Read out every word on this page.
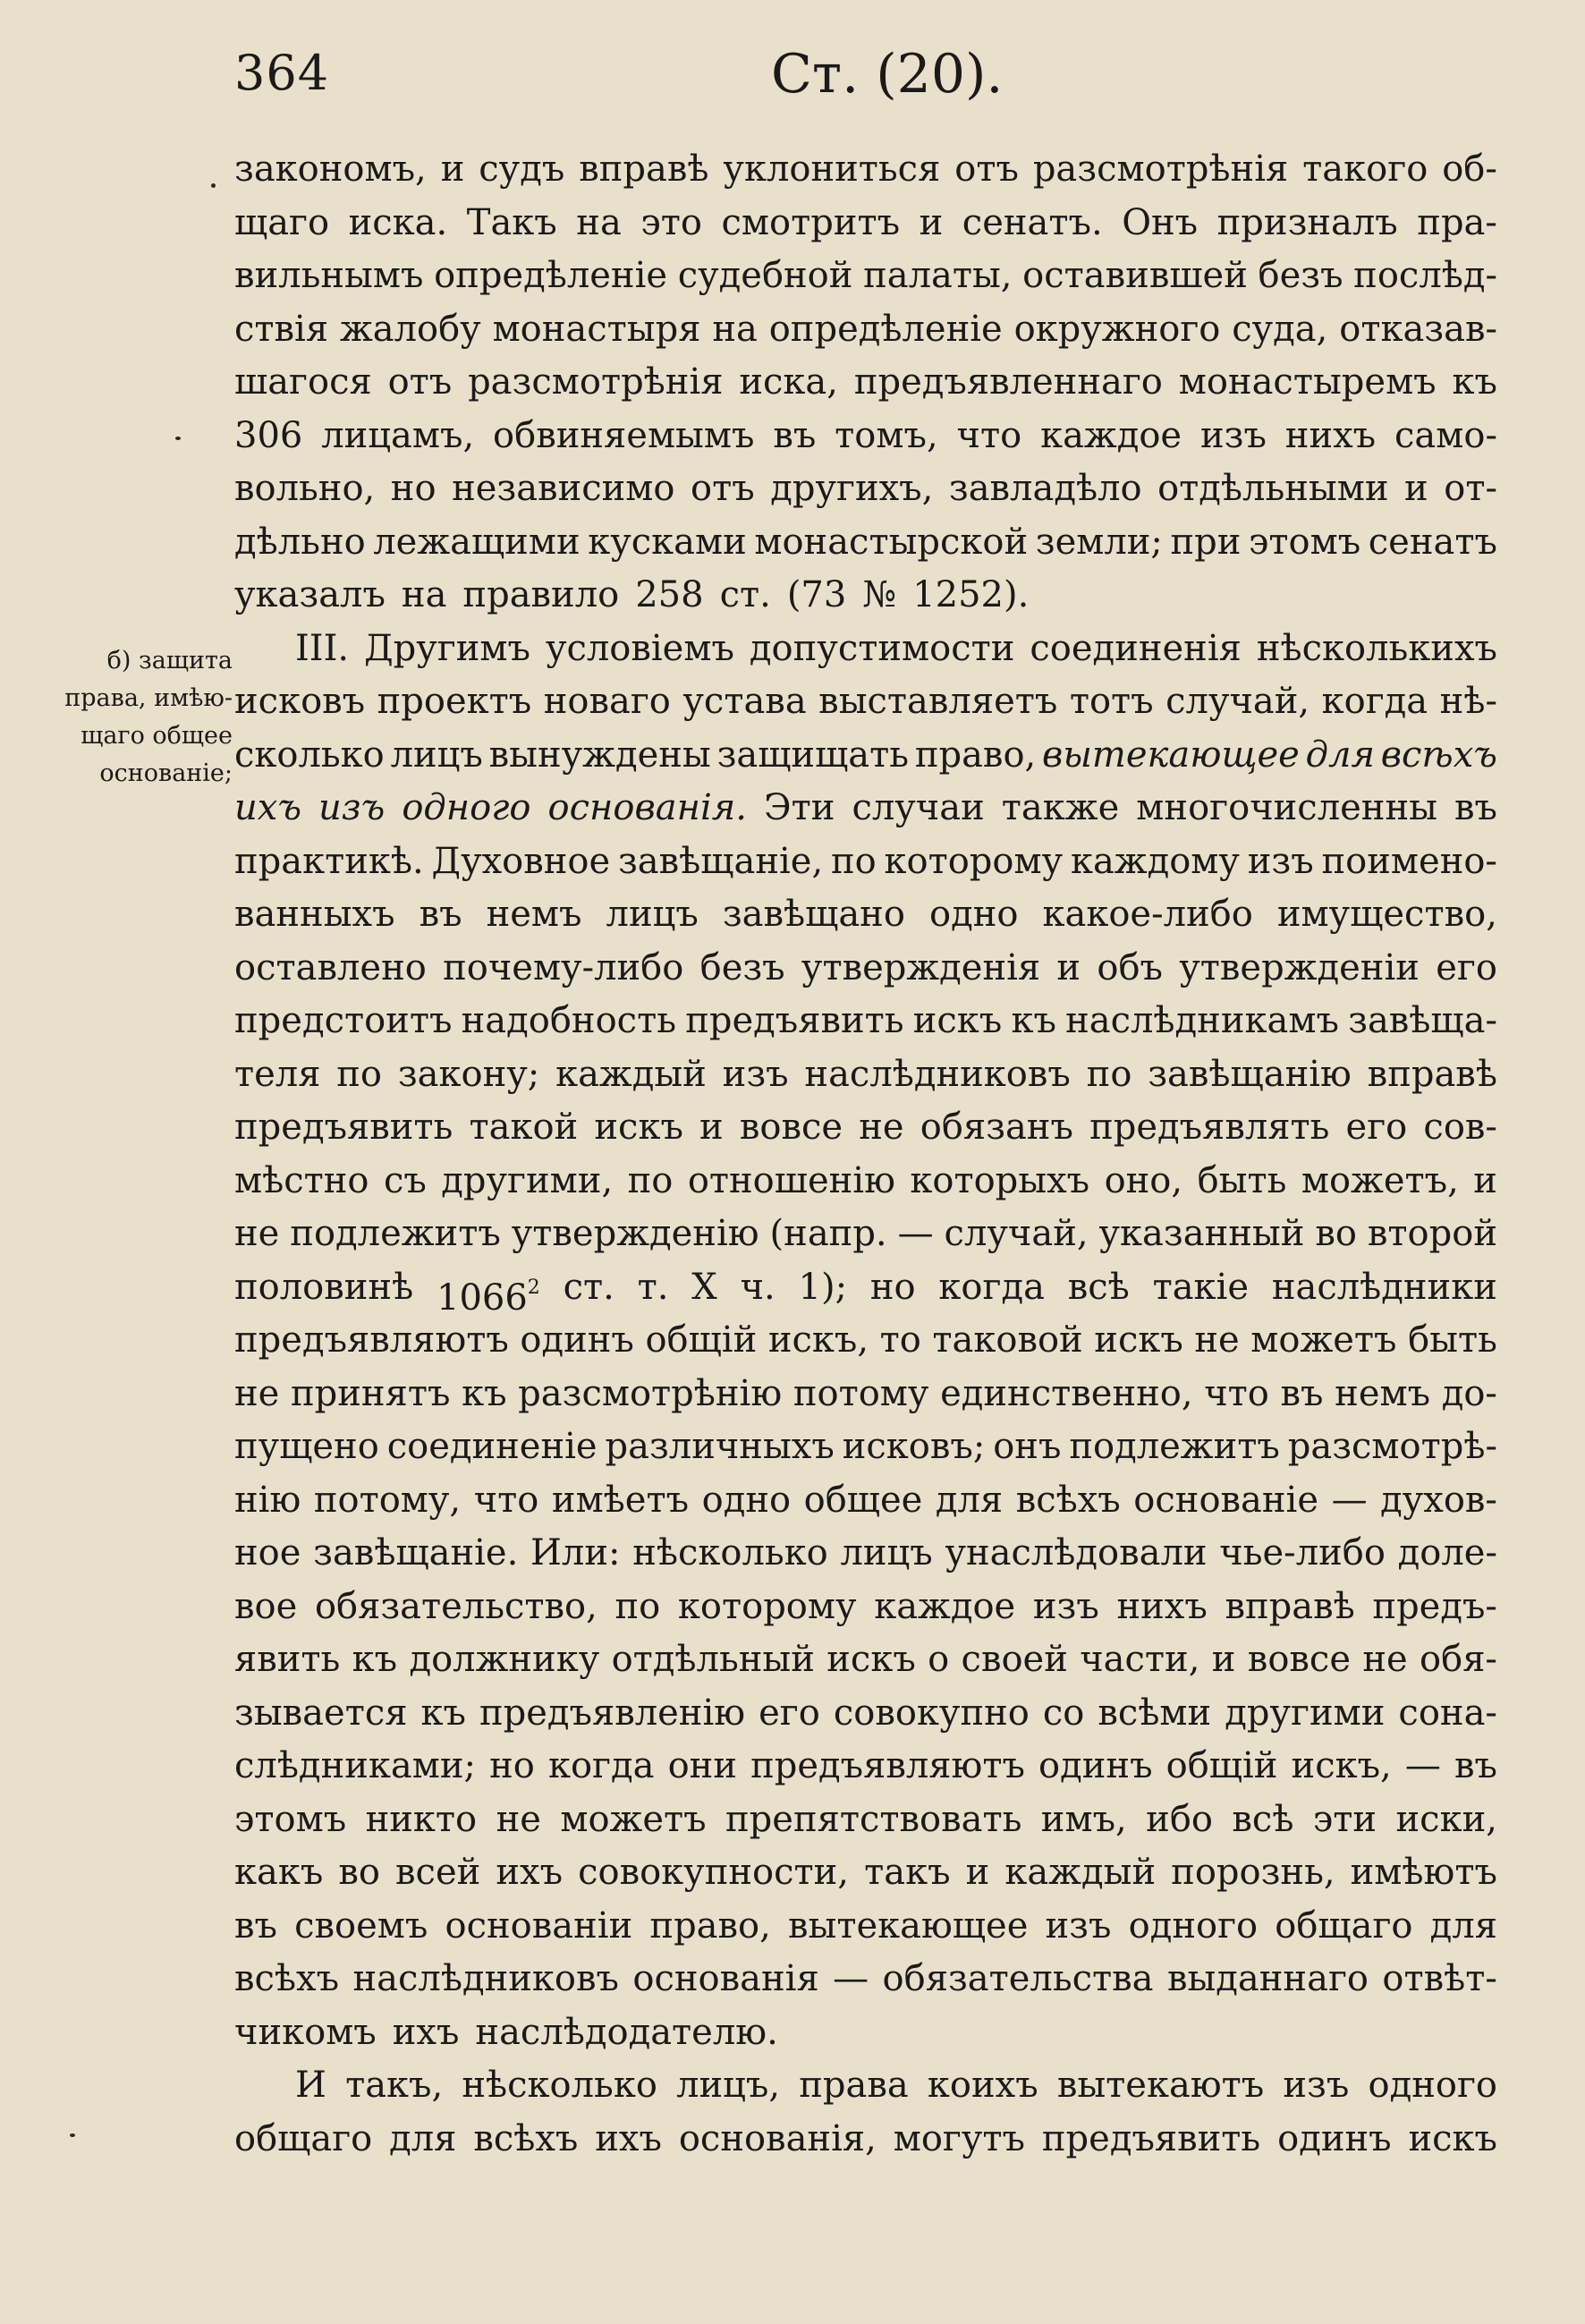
364	Ст. (20).
б) защита
права, имѣю-
щаго общее
основаніе;
закономъ, и судъ вправѣ уклониться отъ разсмотрѣнія такого об-
щаго иска. Такъ на это смотритъ и сенатъ. Онъ призналъ пра-
вильнымъ опредѣленіе судебной палаты, оставившей безъ послѣд-
ствія жалобу монастыря на опредѣленіе окружного суда, отказав-
шагося отъ разсмотрѣнія иска, предъявленнаго монастыремъ къ
306 лицамъ, обвиняемымъ въ томъ, что каждое изъ нихъ само-
вольно, но независимо отъ другихъ, завладѣло отдѣльными и от-
дѣльно лежащими кусками монастырской земли; при этомъ сенатъ
указалъ на правило 258 ст. (73 № 1252).
III. Другимъ условіемъ допустимости соединенія нѣсколькихъ
исковъ проектъ новаго устава выставляетъ тотъ случай, когда нѣ-
сколько лицъ вынуждены защищать право, вытекающее для всѣхъ
ихъ изъ одного основанія. Эти случаи также многочисленны въ
практикѣ. Духовное завѣщаніе, по которому каждому изъ поимено-
ванныхъ въ немъ лицъ завѣщано одно какое-либо имущество,
оставлено почему-либо безъ утвержденія и объ утвержденіи его
предстоитъ надобность предъявить искъ къ наслѣдникамъ завѣща-
теля по закону; каждый изъ наслѣдниковъ по завѣщанію вправѣ
предъявить такой искъ и вовсе не обязанъ предъявлять его сов-
мѣстно съ другими, по отношенію которыхъ оно, быть можетъ, и
не подлежитъ утвержденію (напр. — случай, указанный во второй
половинѣ 1066$^2$ ст. т. X ч. 1); но когда всѣ такіе наслѣдники
предъявляютъ одинъ общій искъ, то таковой искъ не можетъ быть
не принятъ къ разсмотрѣнію потому единственно, что въ немъ до-
пущено соединеніе различныхъ исковъ; онъ подлежитъ разсмотрѣ-
нію потому, что имѣетъ одно общее для всѣхъ основаніе — духов-
ное завѣщаніе. Или: нѣсколько лицъ унаслѣдовали чье-либо доле-
вое обязательство, по которому каждое изъ нихъ вправѣ предъ-
явить къ должнику отдѣльный искъ о своей части, и вовсе не обя-
зывается къ предъявленію его совокупно со всѣми другими сона-
слѣдниками; но когда они предъявляютъ одинъ общій искъ, — въ
этомъ никто не можетъ препятствовать имъ, ибо всѣ эти иски,
какъ во всей ихъ совокупности, такъ и каждый порознь, имѣютъ
въ своемъ основаніи право, вытекающее изъ одного общаго для
всѣхъ наслѣдниковъ основанія — обязательства выданнаго отвѣт-
чикомъ ихъ наслѣдодателю.
И такъ, нѣсколько лицъ, права коихъ вытекаютъ изъ одного
общаго для всѣхъ ихъ основанія, могутъ предъявить одинъ искъ
